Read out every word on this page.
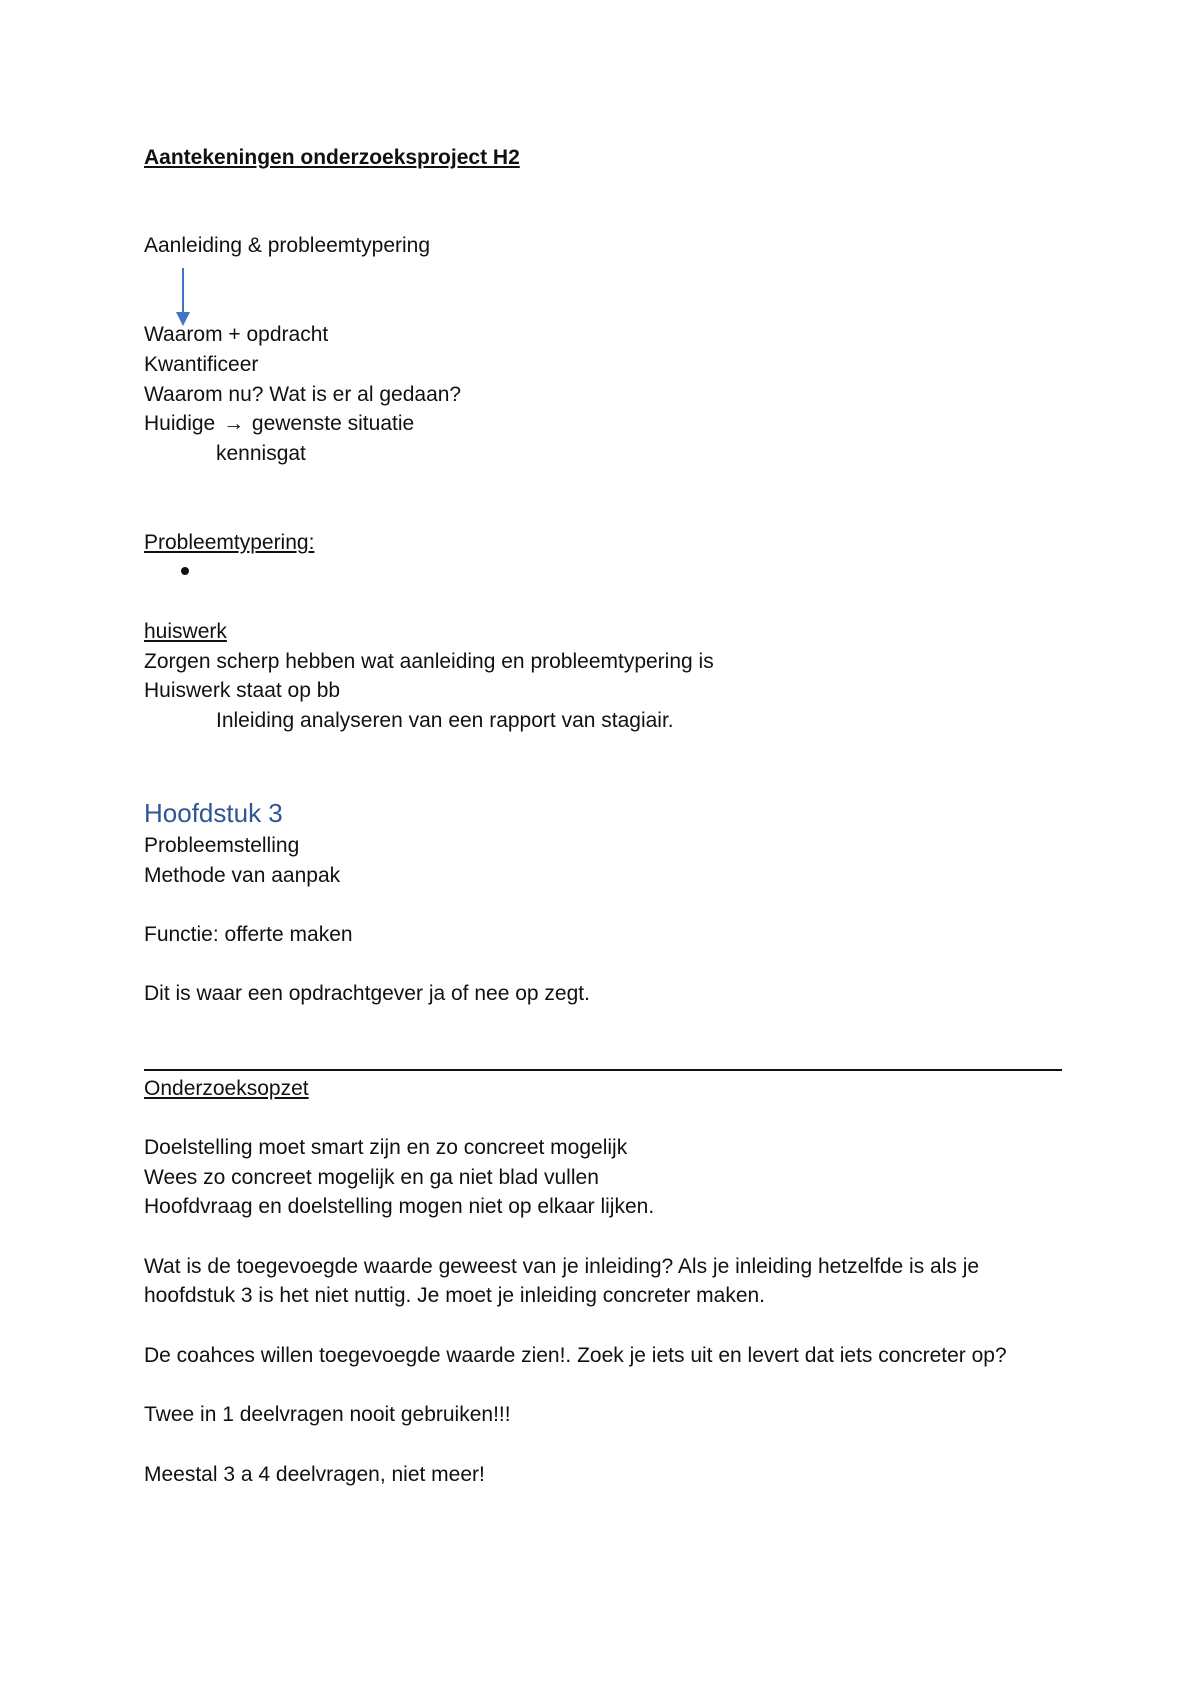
Aantekeningen onderzoeksproject H2
Aanleiding & probleemtypering
Waarom + opdracht
Kwantificeer
Waarom nu? Wat is er al gedaan?
Huidige → gewenste situatie
kennisgat
Probleemtypering:
huiswerk
Zorgen scherp hebben wat aanleiding en probleemtypering is
Huiswerk staat op bb
Inleiding analyseren van een rapport van stagiair.
Hoofdstuk 3
Probleemstelling
Methode van aanpak
Functie: offerte maken
Dit is waar een opdrachtgever ja of nee op zegt.
Onderzoeksopzet
Doelstelling moet smart zijn en zo concreet mogelijk
Wees zo concreet mogelijk en ga niet blad vullen
Hoofdvraag en doelstelling mogen niet op elkaar lijken.
Wat is de toegevoegde waarde geweest van je inleiding? Als je inleiding hetzelfde is als je
hoofdstuk 3 is het niet nuttig. Je moet je inleiding concreter maken.
De coahces willen toegevoegde waarde zien!. Zoek je iets uit en levert dat iets concreter op?
Twee in 1 deelvragen nooit gebruiken!!!
Meestal 3 a 4 deelvragen, niet meer!
